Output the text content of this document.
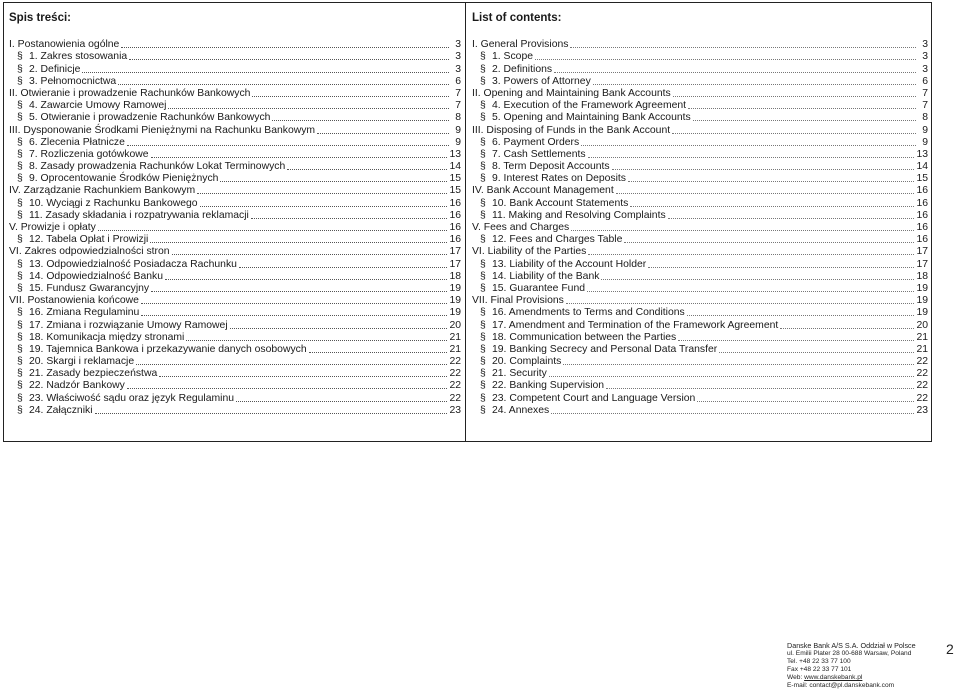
Spis treści:
I. Postanowienia ogólne	3
§ 1. Zakres stosowania	3
§ 2. Definicje	3
§ 3. Pełnomocnictwa	6
II. Otwieranie i prowadzenie Rachunków Bankowych	7
§ 4. Zawarcie Umowy Ramowej	7
§ 5. Otwieranie i prowadzenie Rachunków Bankowych	8
III. Dysponowanie Środkami Pieniężnymi na Rachunku Bankowym	9
§ 6. Zlecenia Płatnicze	9
§ 7. Rozliczenia gotówkowe	13
§ 8. Zasady prowadzenia Rachunków Lokat Terminowych	14
§ 9. Oprocentowanie Środków Pieniężnych	15
IV. Zarządzanie Rachunkiem Bankowym	15
§ 10. Wyciągi z Rachunku Bankowego	16
§ 11. Zasady składania i rozpatrywania reklamacji	16
V. Prowizje i opłaty	16
§ 12. Tabela Opłat i Prowizji	16
VI. Zakres odpowiedzialności stron	17
§ 13. Odpowiedzialność Posiadacza Rachunku	17
§ 14. Odpowiedzialność Banku	18
§ 15. Fundusz Gwarancyjny	19
VII. Postanowienia końcowe	19
§ 16. Zmiana Regulaminu	19
§ 17. Zmiana i rozwiązanie Umowy Ramowej	20
§ 18. Komunikacja między stronami	21
§ 19. Tajemnica Bankowa i przekazywanie danych osobowych	21
§ 20. Skargi i reklamacje	22
§ 21. Zasady bezpieczeństwa	22
§ 22. Nadzór Bankowy	22
§ 23. Właściwość sądu oraz język Regulaminu	22
§ 24. Załączniki	23
List of contents:
I. General Provisions	3
§ 1. Scope	3
§ 2. Definitions	3
§ 3. Powers of Attorney	6
II. Opening and Maintaining Bank Accounts	7
§ 4. Execution of the Framework Agreement	7
§ 5. Opening and Maintaining Bank Accounts	8
III. Disposing of Funds in the Bank Account	9
§ 6. Payment Orders	9
§ 7. Cash Settlements	13
§ 8. Term Deposit Accounts	14
§ 9. Interest Rates on Deposits	15
IV. Bank Account Management	16
§ 10. Bank Account Statements	16
§ 11. Making and Resolving Complaints	16
V. Fees and Charges	16
§ 12. Fees and Charges Table	16
VI. Liability of the Parties	17
§ 13. Liability of the Account Holder	17
§ 14. Liability of the Bank	18
§ 15. Guarantee Fund	19
VII. Final Provisions	19
§ 16. Amendments to Terms and Conditions	19
§ 17. Amendment and Termination of the Framework Agreement	20
§ 18. Communication between the Parties	21
§ 19. Banking Secrecy and Personal Data Transfer	21
§ 20. Complaints	22
§ 21. Security	22
§ 22. Banking Supervision	22
§ 23. Competent Court and Language Version	22
§ 24. Annexes	23
Danske Bank A/S S.A. Oddział w Polsce
ul. Emilii Plater 28 00-688 Warsaw, Poland
Tel. +48 22 33 77 100
Fax +48 22 33 77 101
Web: www.danskebank.pl
E-mail: contact@pl.danskebank.com
2
